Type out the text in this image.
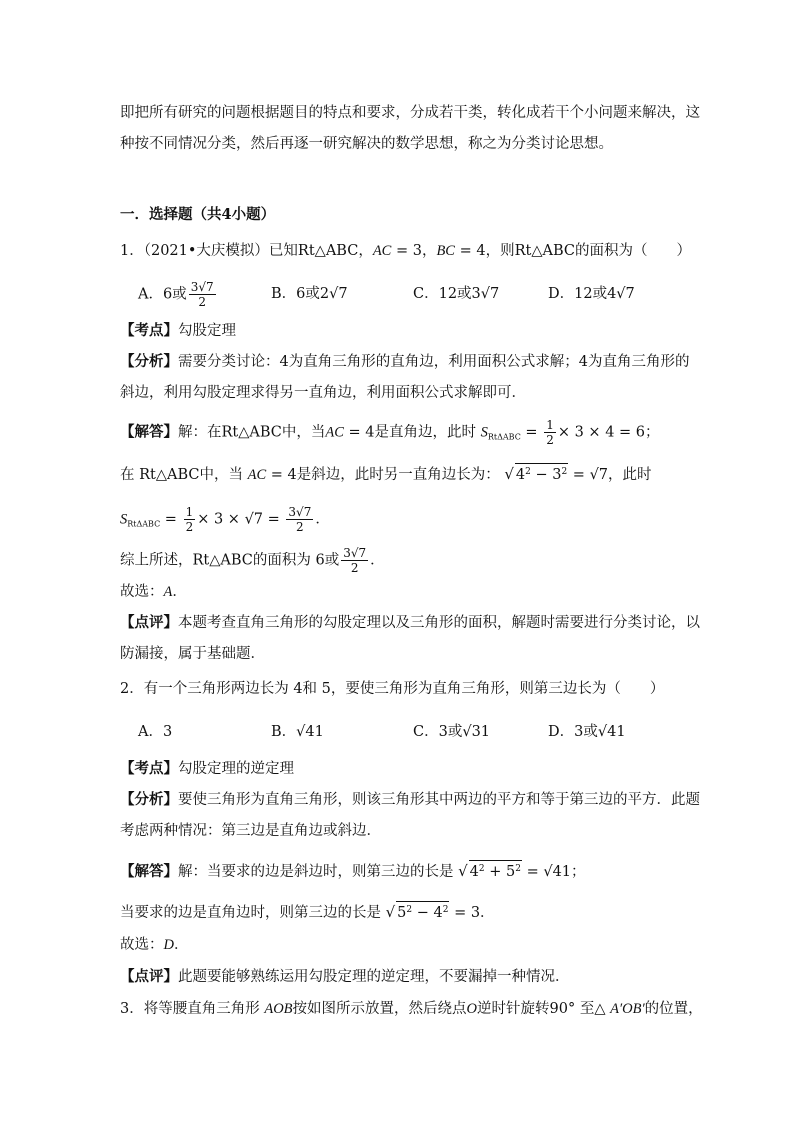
即把所有研究的问题根据题目的特点和要求，分成若干类，转化成若干个小问题来解决，这
种按不同情况分类，然后再逐一研究解决的数学思想，称之为分类讨论思想。
一．选择题（共4小题）
1．（2021•大庆模拟）已知Rt△ABC，AC = 3，BC = 4，则Rt△ABC的面积为（　　）
A．6或 $\frac{3√7}{2}$	B．6或2√7	C．12或3√7	D．12或4√7
【考点】勾股定理
【分析】需要分类讨论：4为直角三角形的直角边，利用面积公式求解；4为直角三角形的
斜边，利用勾股定理求得另一直角边，利用面积公式求解即可．
【解答】解：在Rt△ABC中，当AC = 4是直角边，此时 $S_{Rt\Delta ABC} = \frac{1}{2} \times 3 \times 4 = 6$；
在 Rt△ABC中，当 AC = 4是斜边，此时另一直角边长为： √ $4^2 - 3^2 = √7$，此时
$S_{Rt\Delta ABC} = \frac{1}{2} \times 3 \times √7 = \frac{3√7}{2}$ ．
综上所述，Rt△ABC的面积为 6或 $\frac{3√7}{2}$ ．
故选：A．
【点评】本题考查直角三角形的勾股定理以及三角形的面积，解题时需要进行分类讨论，以
防漏接，属于基础题．
2．有一个三角形两边长为 4和 5，要使三角形为直角三角形，则第三边长为（　　）
A．3	B．√41	C．3或√31	D．3或√41
【考点】勾股定理的逆定理
【分析】要使三角形为直角三角形，则该三角形其中两边的平方和等于第三边的平方．此题
考虑两种情况：第三边是直角边或斜边．
【解答】解：当要求的边是斜边时，则第三边的长是 √ $4^2 + 5^2 = √41$；
当要求的边是直角边时，则第三边的长是 √ $5^2 - 4^2 = 3$．
故选：D．
【点评】此题要能够熟练运用勾股定理的逆定理，不要漏掉一种情况．
3．将等腰直角三角形 AOB按如图所示放置，然后绕点O逆时针旋转90° 至△ A′OB′的位置，
